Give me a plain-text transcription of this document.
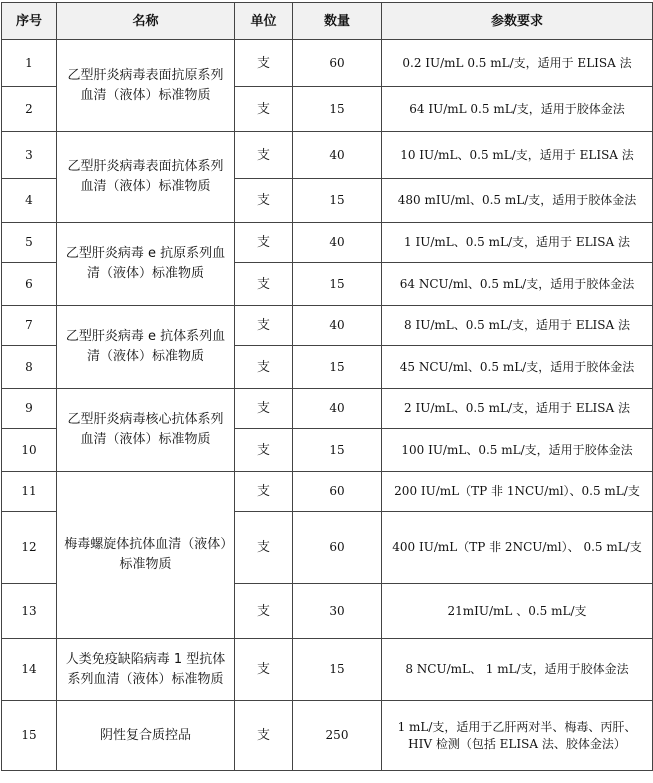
序号	名称	单位	数量	参数要求
1	乙型肝炎病毒表面抗原系列血清（液体）标准物质	支	60	0.2 IU/mL 0.5 mL/支，适用于 ELISA 法
2		支	15	64 IU/mL 0.5 mL/支，适用于胶体金法
3	乙型肝炎病毒表面抗体系列血清（液体）标准物质	支	40	10 IU/mL、0.5 mL/支，适用于 ELISA 法
4		支	15	480 mIU/ml、0.5 mL/支，适用于胶体金法
5	乙型肝炎病毒 e 抗原系列血清（液体）标准物质	支	40	1 IU/mL、0.5 mL/支，适用于 ELISA 法
6		支	15	64 NCU/ml、0.5 mL/支，适用于胶体金法
7	乙型肝炎病毒 e 抗体系列血清（液体）标准物质	支	40	8 IU/mL、0.5 mL/支，适用于 ELISA 法
8		支	15	45 NCU/ml、0.5 mL/支，适用于胶体金法
9	乙型肝炎病毒核心抗体系列血清（液体）标准物质	支	40	2 IU/mL、0.5 mL/支，适用于 ELISA 法
10		支	15	100 IU/mL、0.5 mL/支，适用于胶体金法
11	梅毒螺旋体抗体血清（液体）标准物质	支	60	200 IU/mL（TP 非 1NCU/ml）、0.5 mL/支
12		支	60	400 IU/mL（TP 非 2NCU/ml）、 0.5 mL/支
13		支	30	21mIU/mL 、0.5 mL/支
14	人类免疫缺陷病毒 1 型抗体系列血清（液体）标准物质	支	15	8 NCU/mL、 1 mL/支，适用于胶体金法
15	阴性复合质控品	支	250	1 mL/支，适用于乙肝两对半、梅毒、丙肝、HIV 检测（包括 ELISA 法、胶体金法）
